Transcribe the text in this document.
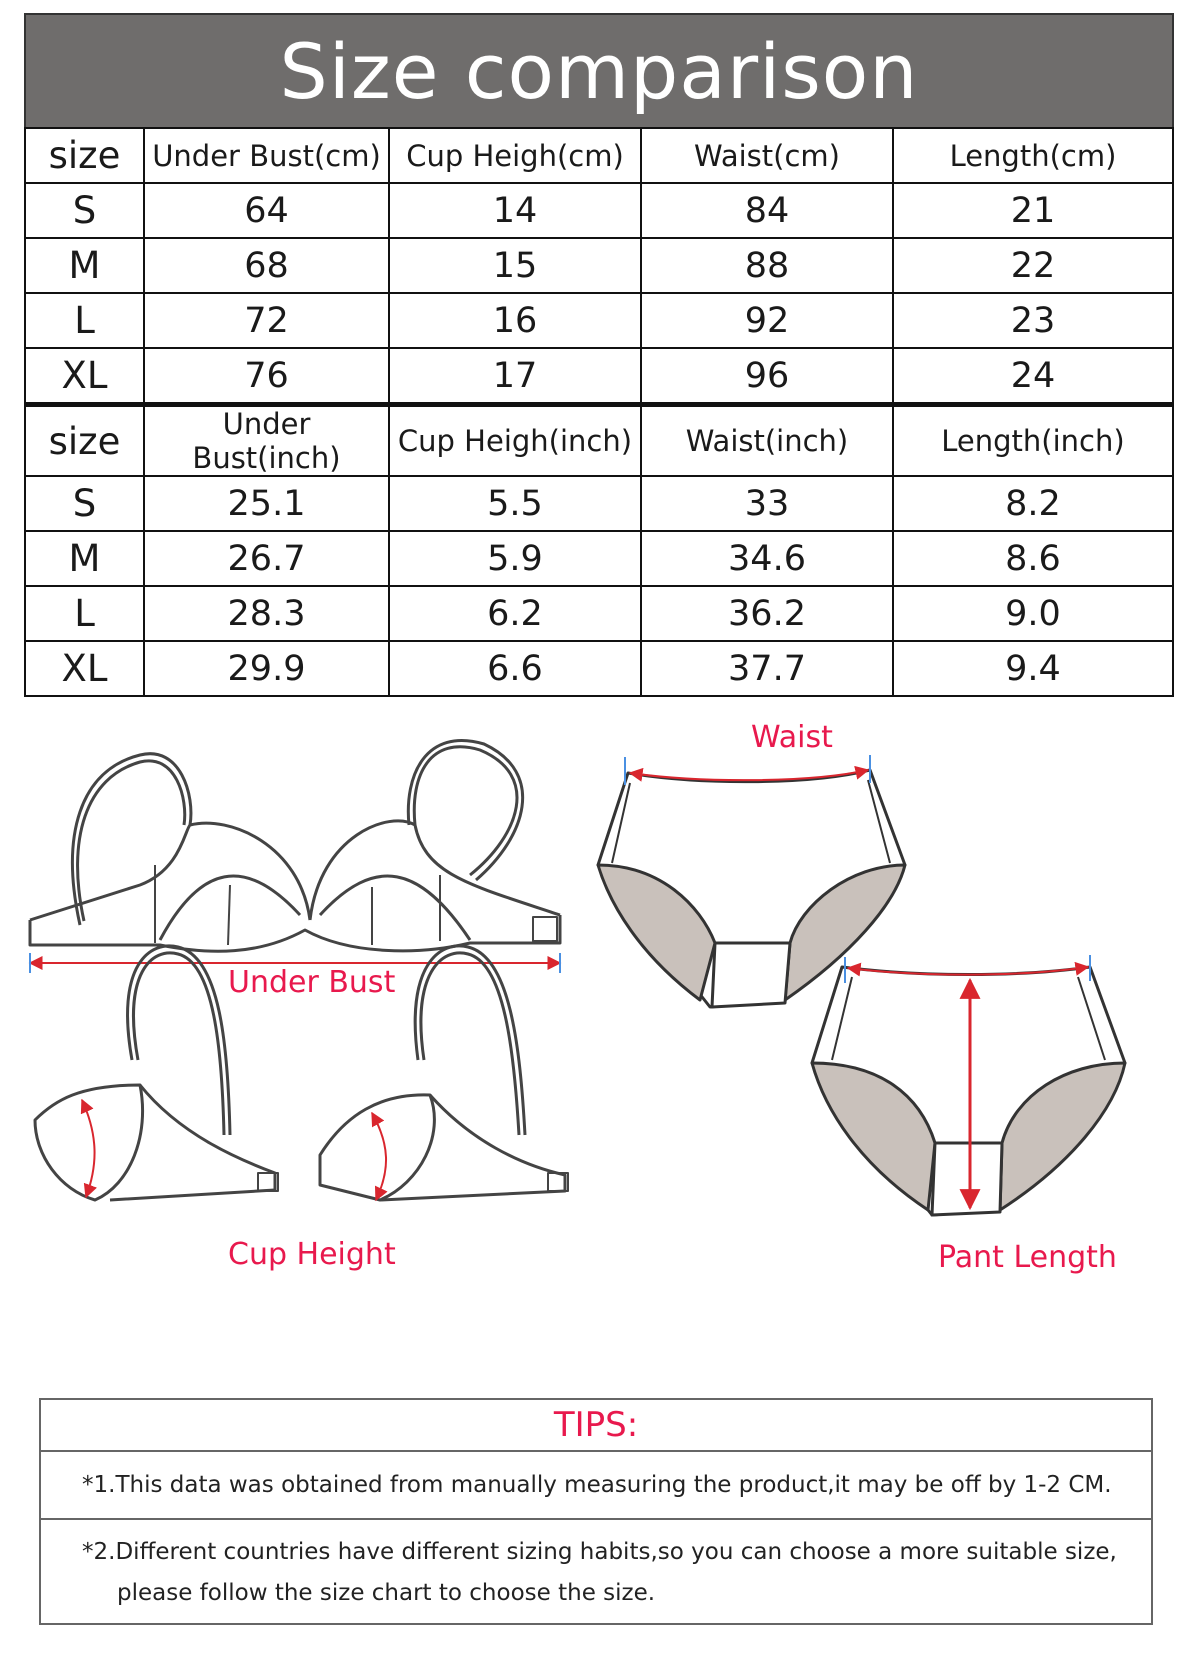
Size comparison
size	Under Bust(cm)	Cup Heigh(cm)	Waist(cm)	Length(cm)
S	64	14	84	21
M	68	15	88	22
L	72	16	92	23
XL	76	17	96	24
size	Under Bust(inch)	Cup Heigh(inch)	Waist(inch)	Length(inch)
S	25.1	5.5	33	8.2
M	26.7	5.9	34.6	8.6
L	28.3	6.2	36.2	9.0
XL	29.9	6.6	37.7	9.4
Waist
Under Bust
Cup Height	Pant Length
TIPS:
*1.This data was obtained from manually measuring the product,it may be off by 1-2 CM.
*2.Different countries have different sizing habits,so you can choose a more suitable size,
please follow the size chart to choose the size.
